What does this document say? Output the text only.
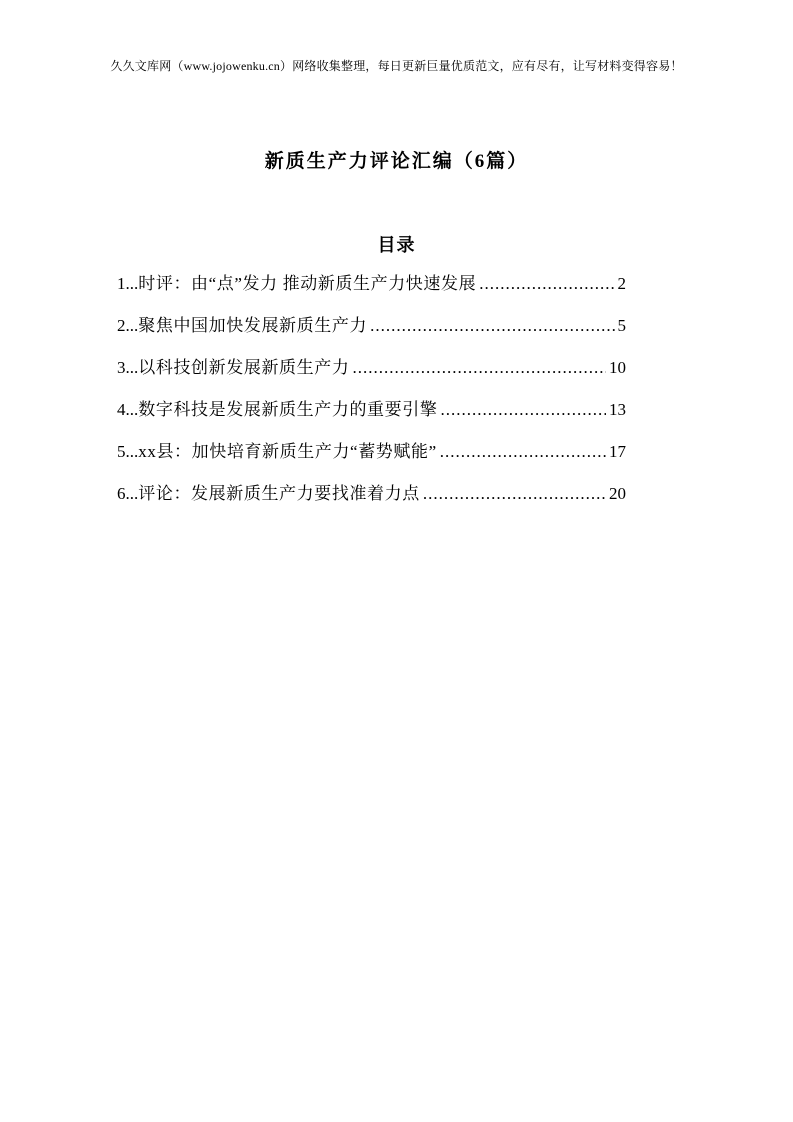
久久文库网（www.jojowenku.cn）网络收集整理，每日更新巨量优质范文，应有尽有，让写材料变得容易！
新质生产力评论汇编（6篇）
目录
1... 时评：由“点”发力 推动新质生产力快速发展 .....	2
2... 聚焦中国加快发展新质生产力 .....	5
3... 以科技创新发展新质生产力 .....	10
4... 数字科技是发展新质生产力的重要引擎 .....	13
5... xx县：加快培育新质生产力“蓄势赋能” .....	17
6... 评论：发展新质生产力要找准着力点 .....	20
